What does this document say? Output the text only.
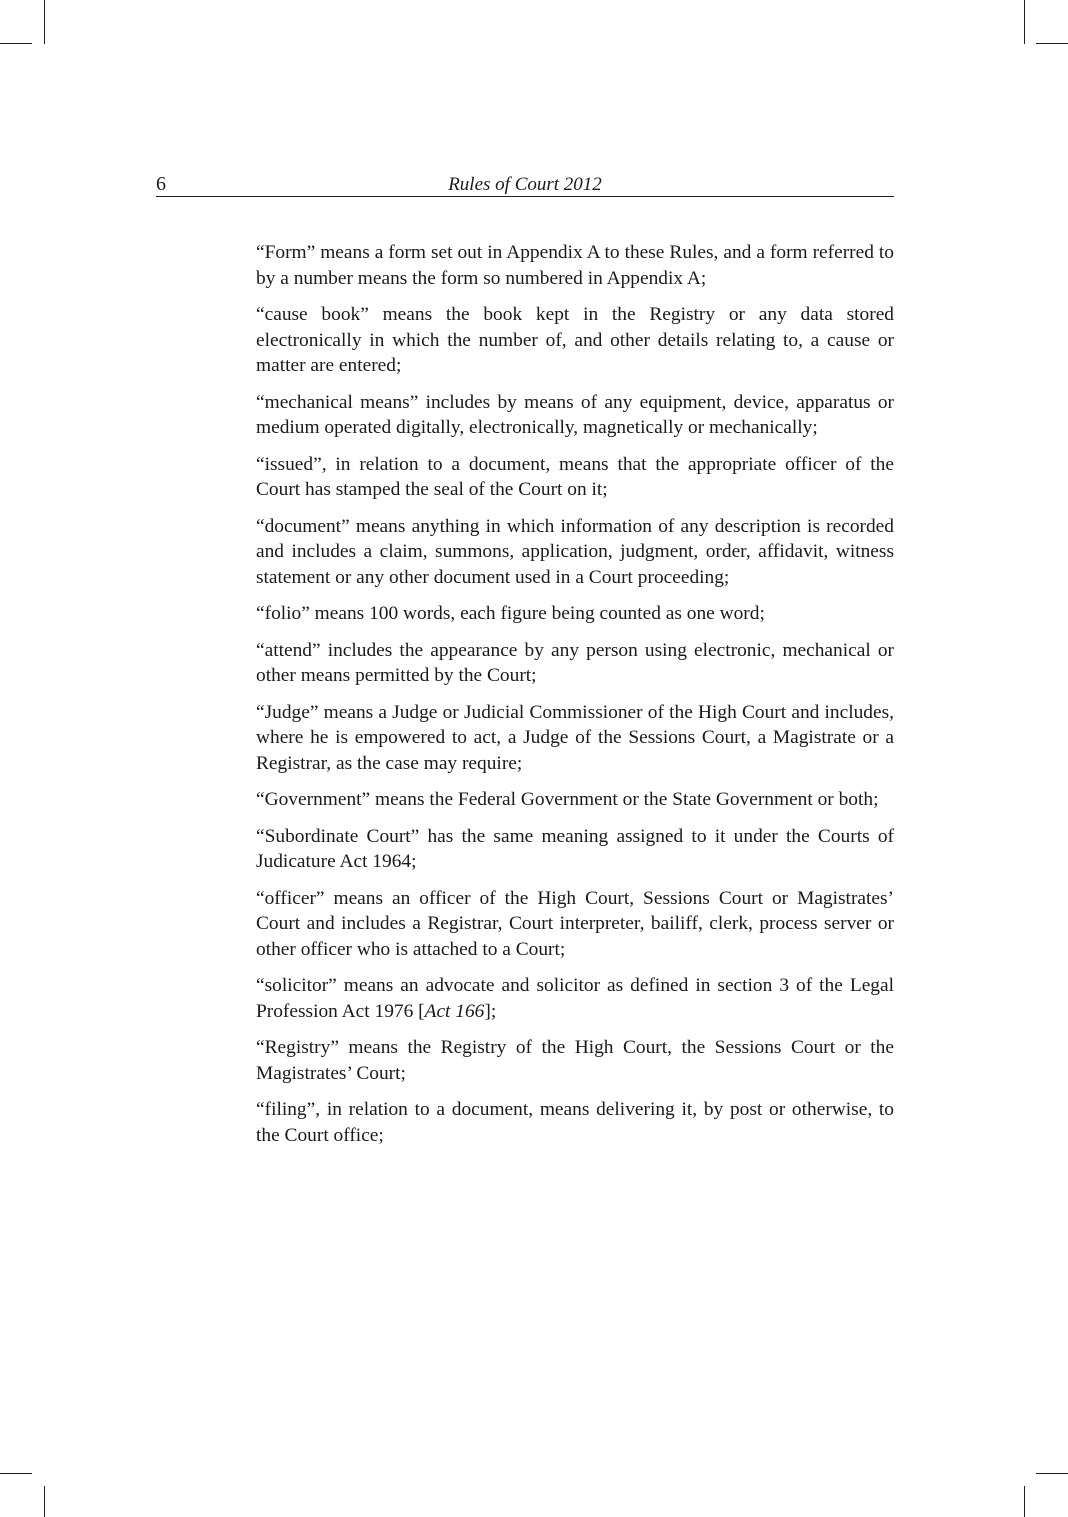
6	Rules of Court 2012

“Form” means a form set out in Appendix A to these Rules, and a form referred to by a number means the form so numbered in Appendix A;

“cause book” means the book kept in the Registry or any data stored electronically in which the number of, and other details relating to, a cause or matter are entered;

“mechanical means” includes by means of any equipment, device, apparatus or medium operated digitally, electronically, magnetically or mechanically;

“issued”, in relation to a document, means that the appropriate officer of the Court has stamped the seal of the Court on it;

“document” means anything in which information of any description is recorded and includes a claim, summons, application, judgment, order, affidavit, witness statement or any other document used in a Court proceeding;

“folio” means 100 words, each figure being counted as one word;

“attend” includes the appearance by any person using electronic, mechanical or other means permitted by the Court;

“Judge” means a Judge or Judicial Commissioner of the High Court and includes, where he is empowered to act, a Judge of the Sessions Court, a Magistrate or a Registrar, as the case may require;

“Government” means the Federal Government or the State Government or both;

“Subordinate Court” has the same meaning assigned to it under the Courts of Judicature Act 1964;

“officer” means an officer of the High Court, Sessions Court or Magistrates’ Court and includes a Registrar, Court interpreter, bailiff, clerk, process server or other officer who is attached to a Court;

“solicitor” means an advocate and solicitor as defined in section 3 of the Legal Profession Act 1976 [Act 166];

“Registry” means the Registry of the High Court, the Sessions Court or the Magistrates’ Court;

“filing”, in relation to a document, means delivering it, by post or otherwise, to the Court office;
